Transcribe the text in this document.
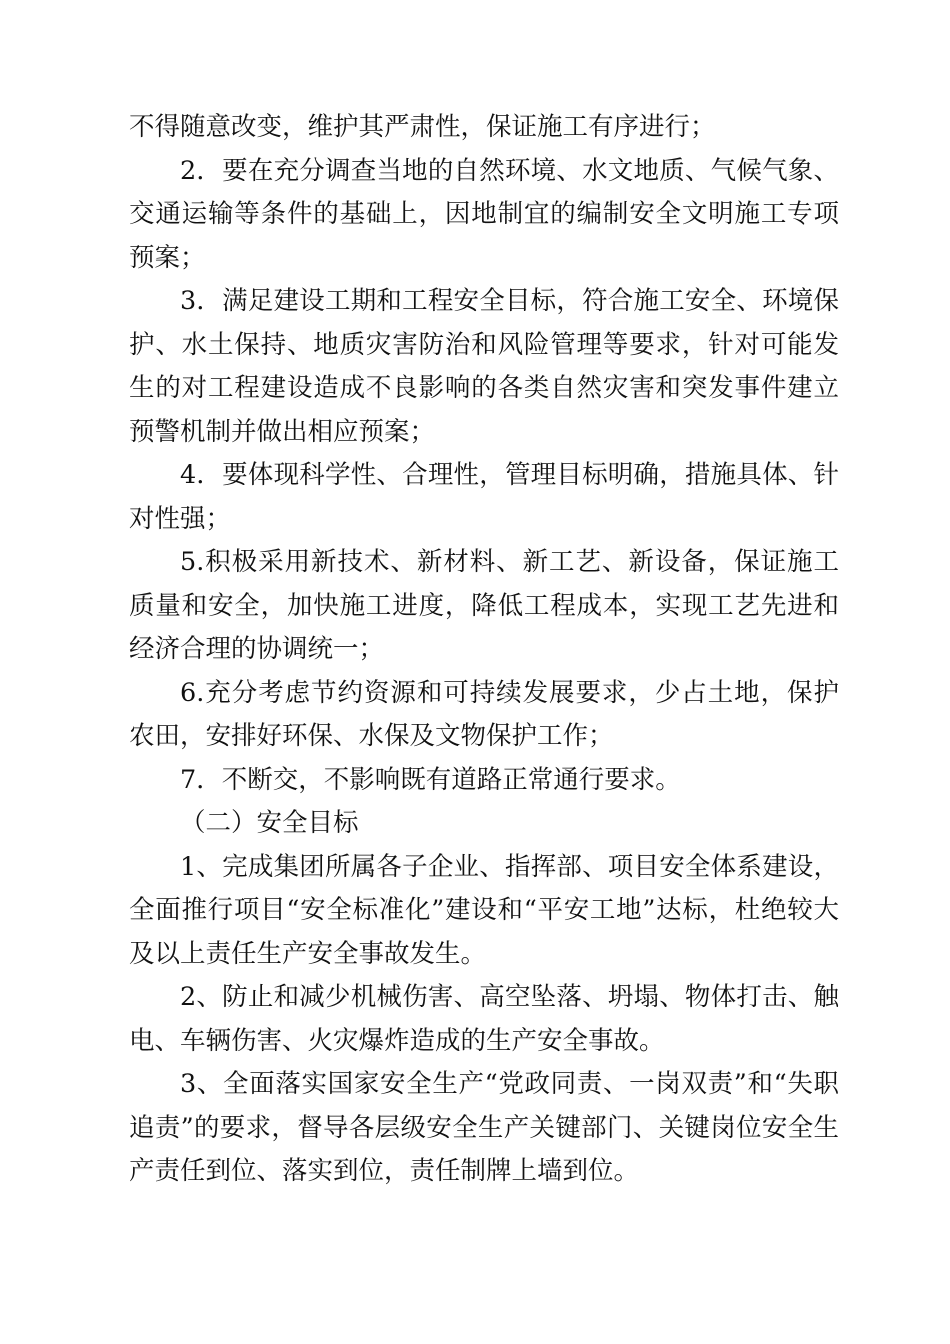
不得随意改变，维护其严肃性，保证施工有序进行；

2．要在充分调查当地的自然环境、水文地质、气候气象、交通运输等条件的基础上，因地制宜的编制安全文明施工专项预案；

3．满足建设工期和工程安全目标，符合施工安全、环境保护、水土保持、地质灾害防治和风险管理等要求，针对可能发生的对工程建设造成不良影响的各类自然灾害和突发事件建立预警机制并做出相应预案；

4．要体现科学性、合理性，管理目标明确，措施具体、针对性强；

5.积极采用新技术、新材料、新工艺、新设备，保证施工质量和安全，加快施工进度，降低工程成本，实现工艺先进和经济合理的协调统一；

6.充分考虑节约资源和可持续发展要求，少占土地，保护农田，安排好环保、水保及文物保护工作；

7．不断交，不影响既有道路正常通行要求。

（二）安全目标

1、完成集团所属各子企业、指挥部、项目安全体系建设，全面推行项目“安全标准化”建设和“平安工地”达标，杜绝较大及以上责任生产安全事故发生。

2、防止和减少机械伤害、高空坠落、坍塌、物体打击、触电、车辆伤害、火灾爆炸造成的生产安全事故。

3、全面落实国家安全生产“党政同责、一岗双责”和“失职追责”的要求，督导各层级安全生产关键部门、关键岗位安全生产责任到位、落实到位，责任制牌上墙到位。
